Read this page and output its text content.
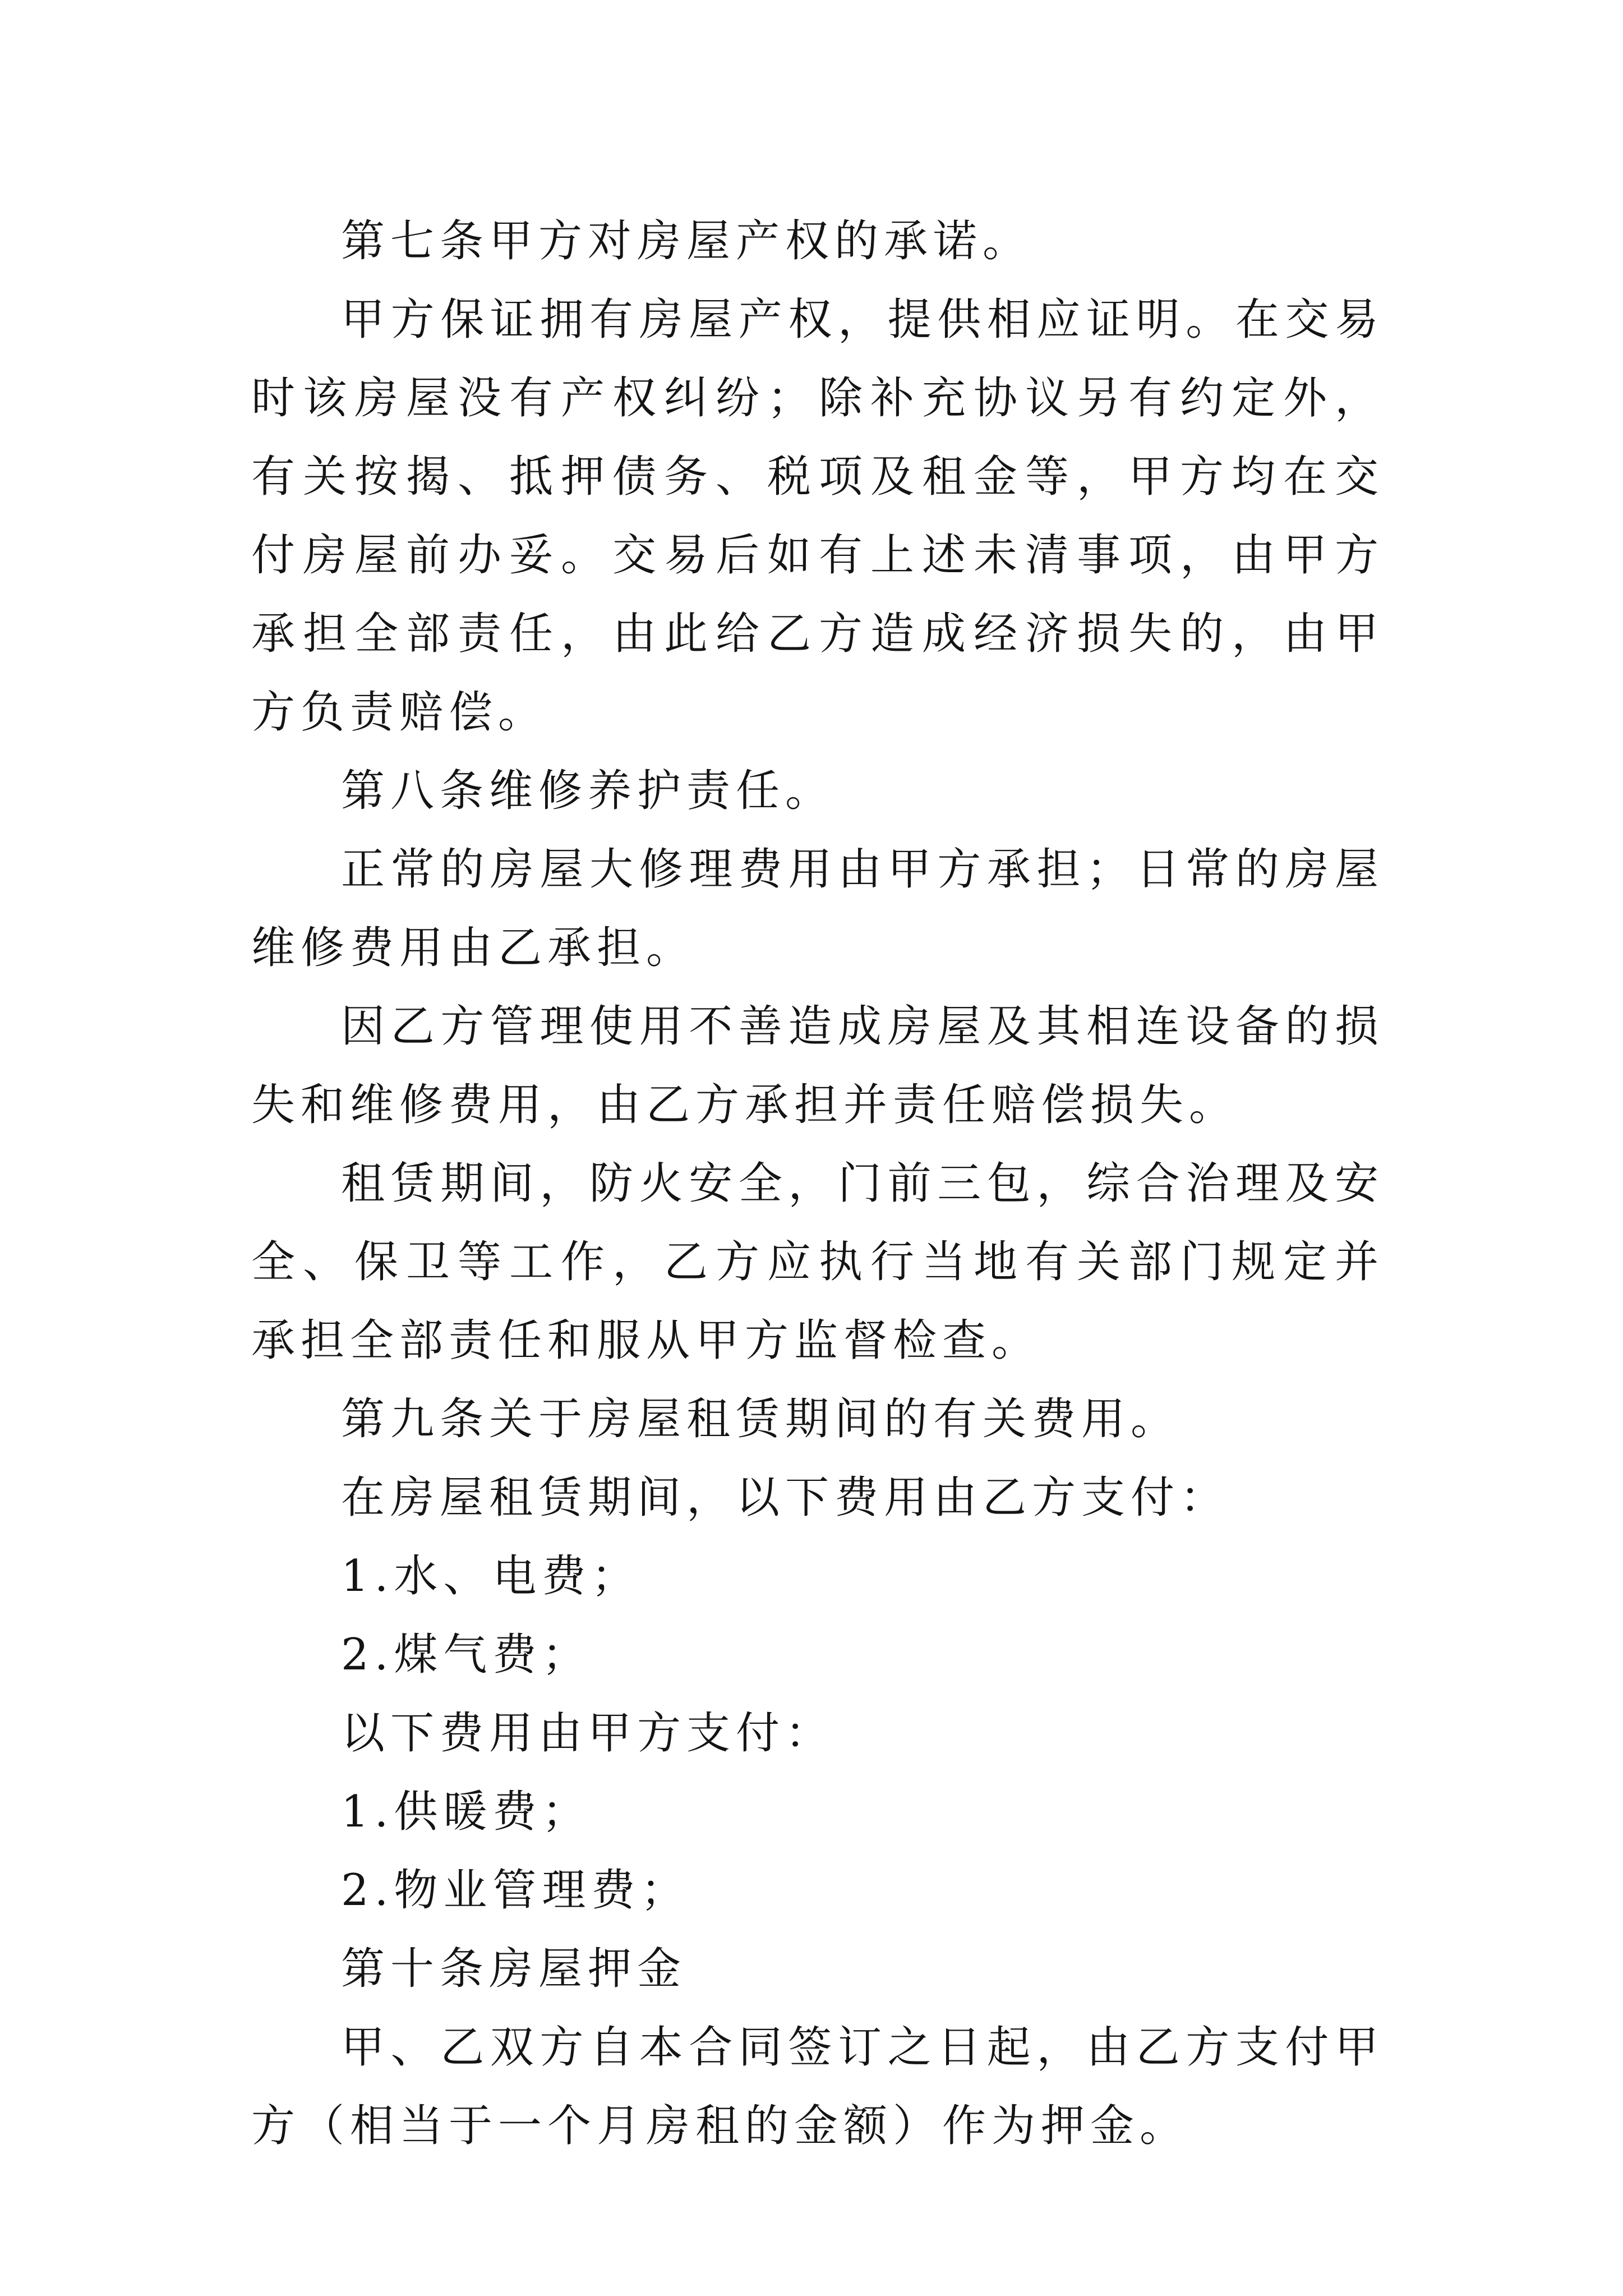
第七条甲方对房屋产权的承诺。

甲方保证拥有房屋产权，提供相应证明。在交易时该房屋没有产权纠纷；除补充协议另有约定外，有关按揭、抵押债务、税项及租金等，甲方均在交付房屋前办妥。交易后如有上述未清事项，由甲方承担全部责任，由此给乙方造成经济损失的，由甲方负责赔偿。

第八条维修养护责任。

正常的房屋大修理费用由甲方承担；日常的房屋维修费用由乙承担。

因乙方管理使用不善造成房屋及其相连设备的损失和维修费用，由乙方承担并责任赔偿损失。

租赁期间，防火安全，门前三包，综合治理及安全、保卫等工作，乙方应执行当地有关部门规定并承担全部责任和服从甲方监督检查。

第九条关于房屋租赁期间的有关费用。

在房屋租赁期间，以下费用由乙方支付：

1.水、电费；

2.煤气费；

以下费用由甲方支付：

1.供暖费；

2.物业管理费；

第十条房屋押金

甲、乙双方自本合同签订之日起，由乙方支付甲方（相当于一个月房租的金额）作为押金。
